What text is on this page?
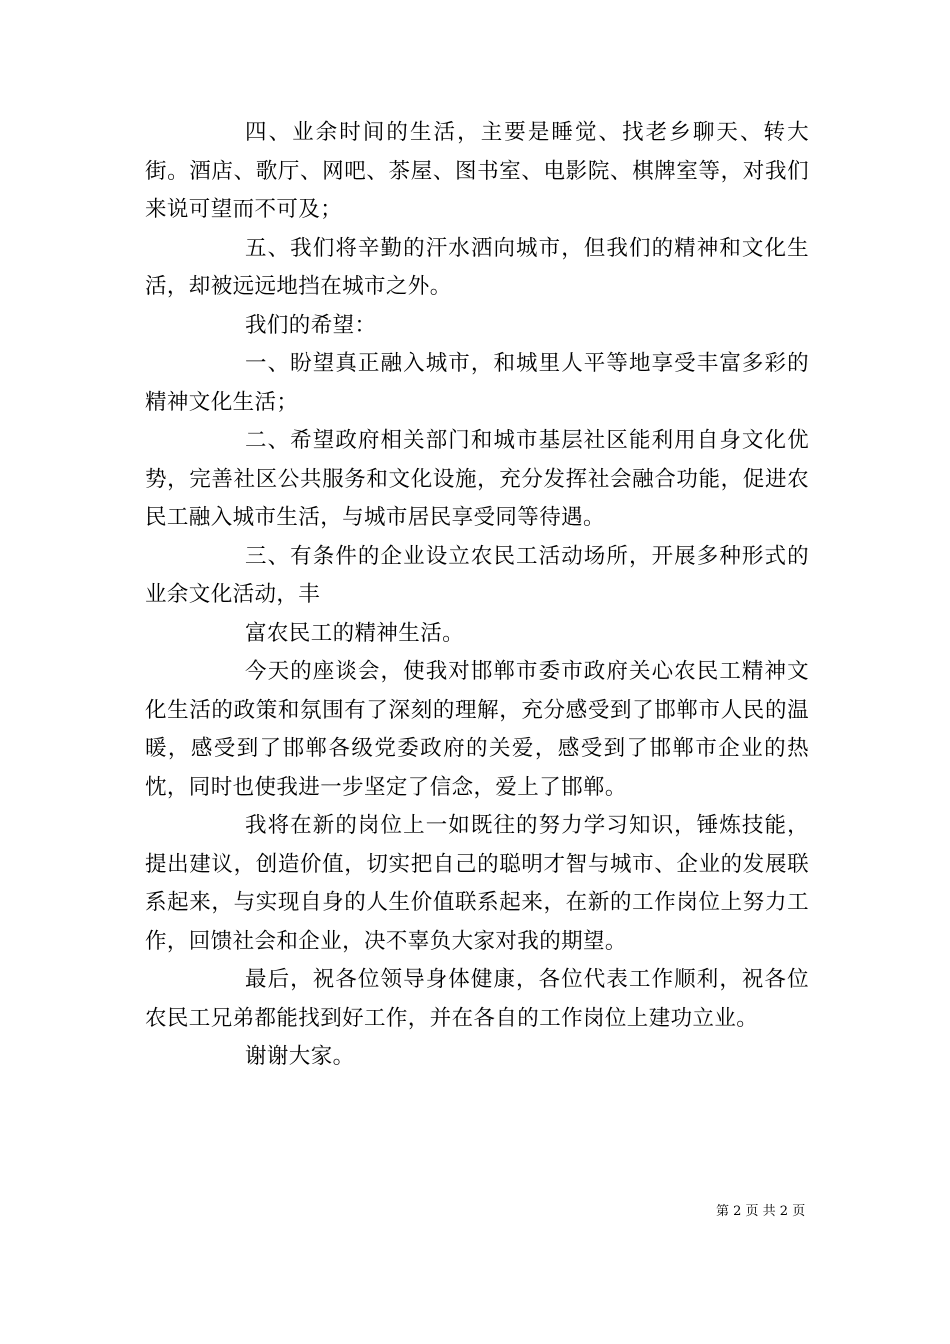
四、业余时间的生活，主要是睡觉、找老乡聊天、转大街。酒店、歌厅、网吧、茶屋、图书室、电影院、棋牌室等，对我们来说可望而不可及；

五、我们将辛勤的汗水洒向城市，但我们的精神和文化生活，却被远远地挡在城市之外。

我们的希望：

一、盼望真正融入城市，和城里人平等地享受丰富多彩的精神文化生活；

二、希望政府相关部门和城市基层社区能利用自身文化优势，完善社区公共服务和文化设施，充分发挥社会融合功能，促进农民工融入城市生活，与城市居民享受同等待遇。

三、有条件的企业设立农民工活动场所，开展多种形式的业余文化活动，丰

富农民工的精神生活。

今天的座谈会，使我对邯郸市委市政府关心农民工精神文化生活的政策和氛围有了深刻的理解，充分感受到了邯郸市人民的温暖，感受到了邯郸各级党委政府的关爱，感受到了邯郸市企业的热忱，同时也使我进一步坚定了信念，爱上了邯郸。

我将在新的岗位上一如既往的努力学习知识，锤炼技能，提出建议，创造价值，切实把自己的聪明才智与城市、企业的发展联系起来，与实现自身的人生价值联系起来，在新的工作岗位上努力工作，回馈社会和企业，决不辜负大家对我的期望。

最后，祝各位领导身体健康，各位代表工作顺利，祝各位农民工兄弟都能找到好工作，并在各自的工作岗位上建功立业。

谢谢大家。

第 2 页 共 2 页
